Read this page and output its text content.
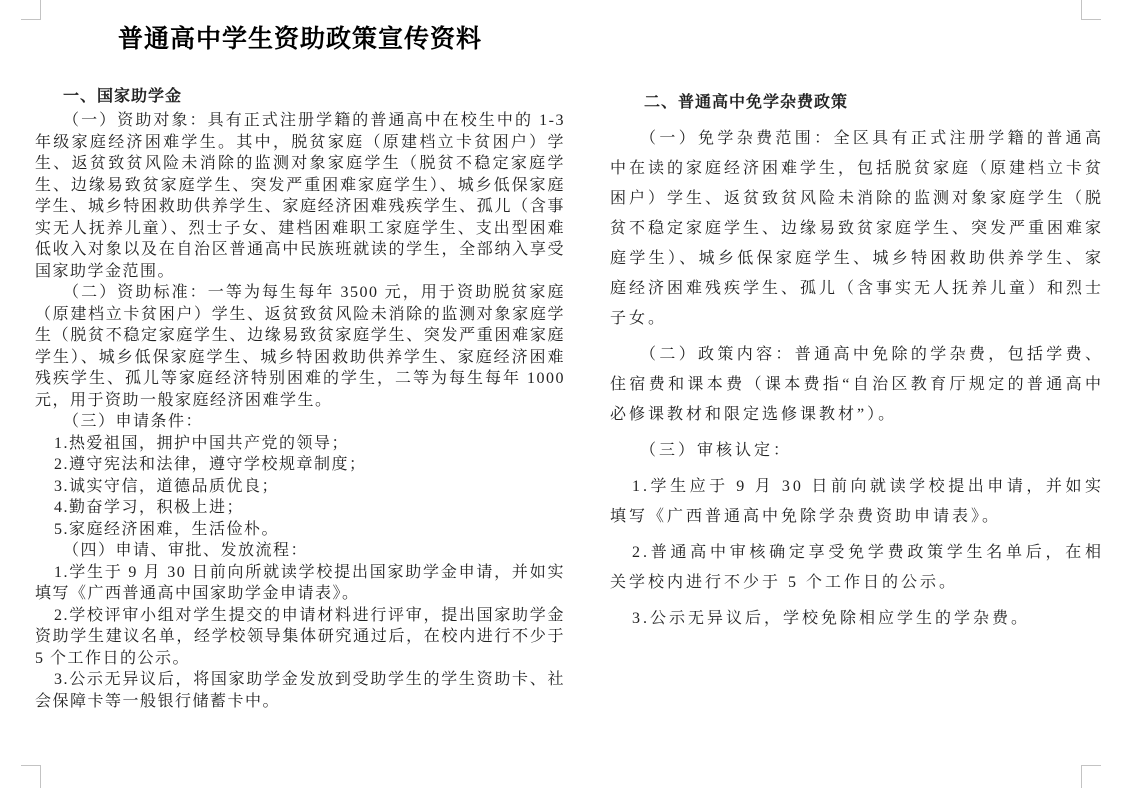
普通高中学生资助政策宣传资料
一、国家助学金

（一）资助对象：具有正式注册学籍的普通高中在校生中的 1-3 年级家庭经济困难学生。其中，脱贫家庭（原建档立卡贫困户）学生、返贫致贫风险未消除的监测对象家庭学生（脱贫不稳定家庭学生、边缘易致贫家庭学生、突发严重困难家庭学生）、城乡低保家庭学生、城乡特困救助供养学生、家庭经济困难残疾学生、孤儿（含事实无人抚养儿童）、烈士子女、建档困难职工家庭学生、支出型困难低收入对象以及在自治区普通高中民族班就读的学生，全部纳入享受国家助学金范围。

（二）资助标准：一等为每生每年 3500 元，用于资助脱贫家庭（原建档立卡贫困户）学生、返贫致贫风险未消除的监测对象家庭学生（脱贫不稳定家庭学生、边缘易致贫家庭学生、突发严重困难家庭学生）、城乡低保家庭学生、城乡特困救助供养学生、家庭经济困难残疾学生、孤儿等家庭经济特别困难的学生，二等为每生每年 1000 元，用于资助一般家庭经济困难学生。

（三）申请条件：

1.热爱祖国，拥护中国共产党的领导；

2.遵守宪法和法律，遵守学校规章制度；

3.诚实守信，道德品质优良；

4.勤奋学习，积极上进；

5.家庭经济困难，生活俭朴。

（四）申请、审批、发放流程：

1.学生于 9 月 30 日前向所就读学校提出国家助学金申请，并如实填写《广西普通高中国家助学金申请表》。

2.学校评审小组对学生提交的申请材料进行评审，提出国家助学金资助学生建议名单，经学校领导集体研究通过后，在校内进行不少于 5 个工作日的公示。

3.公示无异议后，将国家助学金发放到受助学生的学生资助卡、社会保障卡等一般银行储蓄卡中。

二、普通高中免学杂费政策

（一）免学杂费范围：全区具有正式注册学籍的普通高中在读的家庭经济困难学生，包括脱贫家庭（原建档立卡贫困户）学生、返贫致贫风险未消除的监测对象家庭学生（脱贫不稳定家庭学生、边缘易致贫家庭学生、突发严重困难家庭学生）、城乡低保家庭学生、城乡特困救助供养学生、家庭经济困难残疾学生、孤儿（含事实无人抚养儿童）和烈士子女。

（二）政策内容：普通高中免除的学杂费，包括学费、住宿费和课本费（课本费指“自治区教育厅规定的普通高中必修课教材和限定选修课教材”）。

（三）审核认定：

1.学生应于 9 月 30 日前向就读学校提出申请，并如实填写《广西普通高中免除学杂费资助申请表》。

2.普通高中审核确定享受免学费政策学生名单后，在相关学校内进行不少于 5 个工作日的公示。

3.公示无异议后，学校免除相应学生的学杂费。
